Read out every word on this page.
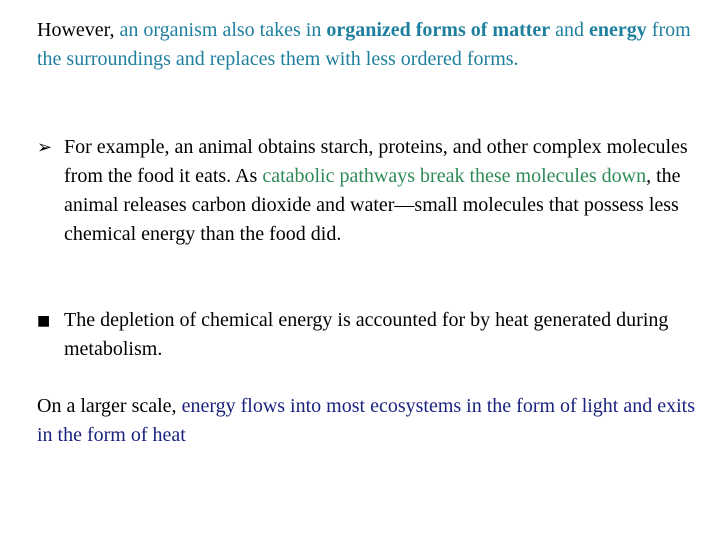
However, an organism also takes in organized forms of matter and energy from the surroundings and replaces them with less ordered forms.

➢ For example, an animal obtains starch, proteins, and other complex molecules from the food it eats. As catabolic pathways break these molecules down, the animal releases carbon dioxide and water—small molecules that possess less chemical energy than the food did.
■ The depletion of chemical energy is accounted for by heat generated during metabolism.

On a larger scale, energy flows into most ecosystems in the form of light and exits in the form of heat
